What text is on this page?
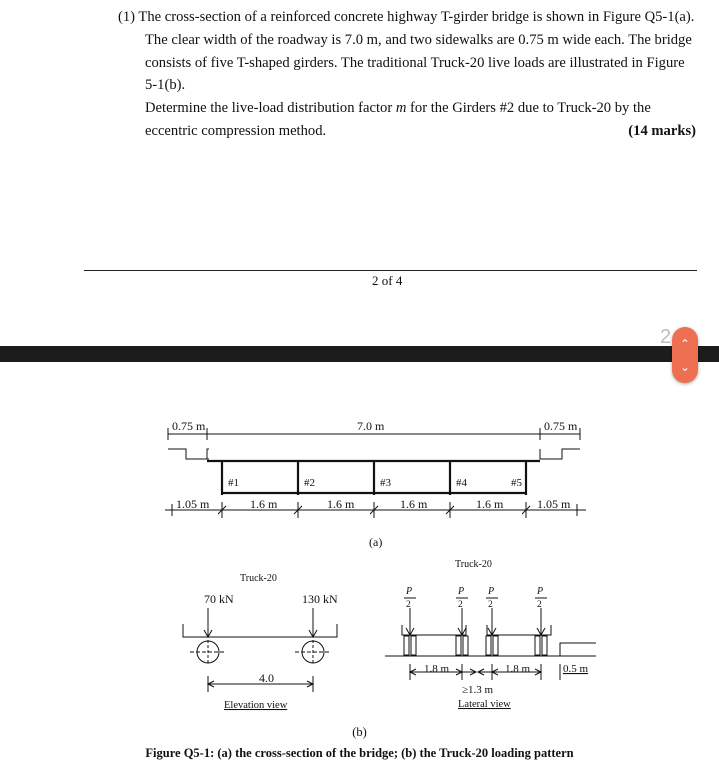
(1) The cross-section of a reinforced concrete highway T-girder bridge is shown in Figure Q5-1(a).
The clear width of the roadway is 7.0 m, and two sidewalks are 0.75 m wide each. The bridge
consists of five T-shaped girders. The traditional Truck-20 live loads are illustrated in Figure
5-1(b).
Determine the live-load distribution factor m for the Girders #2 due to Truck-20 by the
eccentric compression method.	(14 marks)
2 of 4
2 ⌃
⌄
0.75 m	7.0 m	0.75 m
#1	#2	#3	#4	#5
1.05 m	1.6 m	1.6 m	1.6 m	1.6 m	1.05 m
(a)
Truck-20
70 kN	130 kN
4.0
Elevation view
Truck-20
P
2
P
2
P
2
P
2
1.8 m
≥1.3 m
1.8 m	0.5 m
Lateral view
(b)
Figure Q5-1: (a) the cross-section of the bridge; (b) the Truck-20 loading pattern
